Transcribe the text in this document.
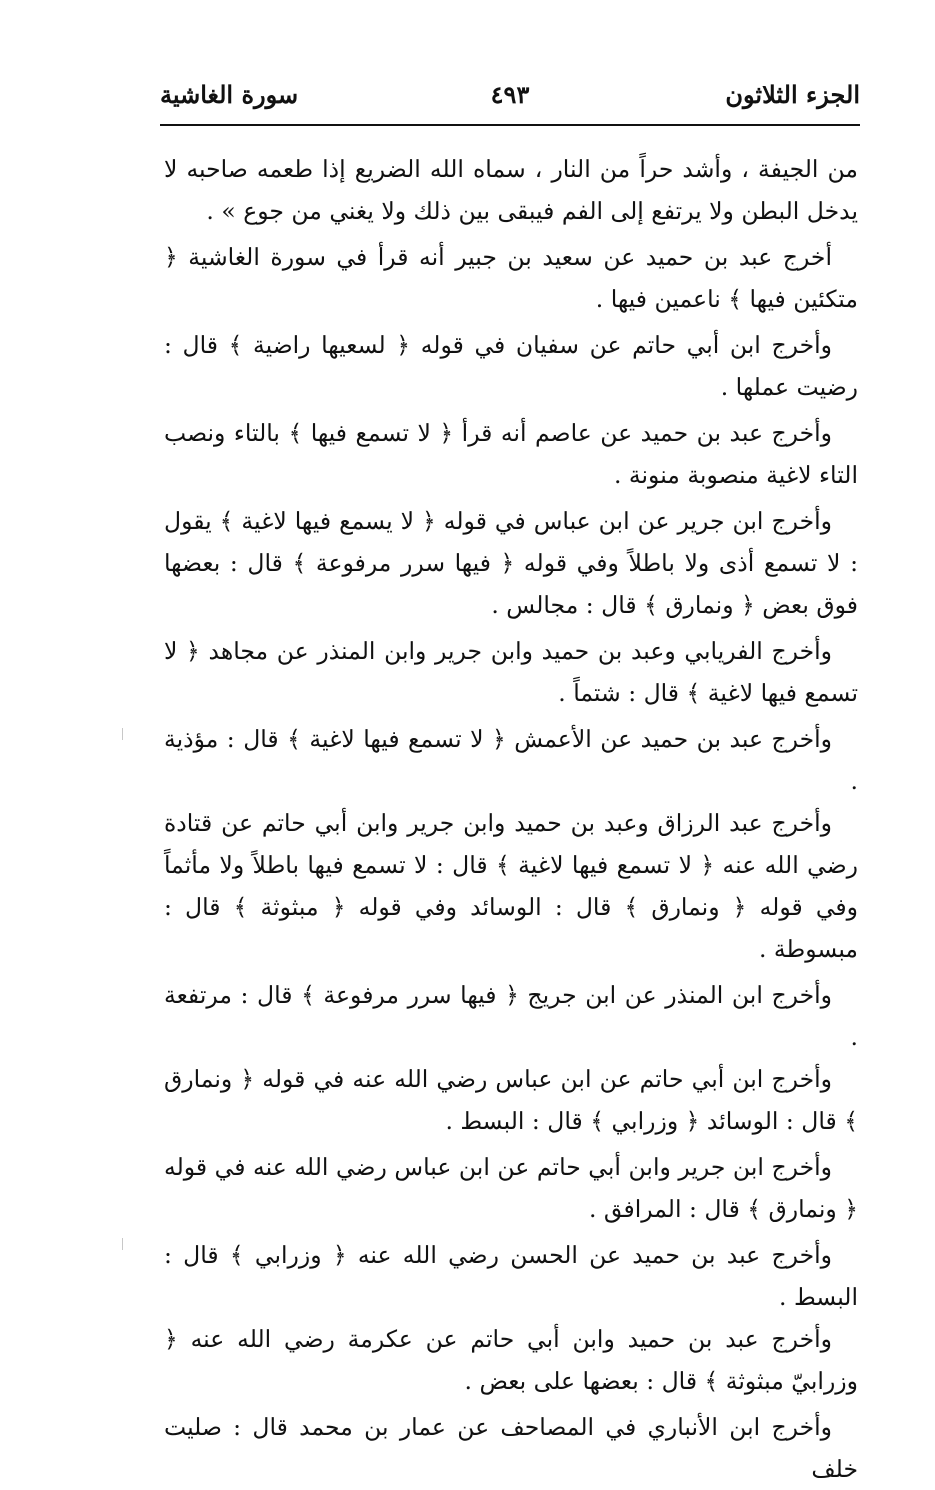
الجزء الثلاثون
٤٩٣
سورة الغاشية

من الجيفة ، وأشد حراً من النار ، سماه الله الضريع إذا طعمه صاحبه لا يدخل البطن ولا يرتفع إلى الفم فيبقى بين ذلك ولا يغني من جوع » .

أخرج عبد بن حميد عن سعيد بن جبير أنه قرأ في سورة الغاشية ﴿ متكئين فيها ﴾ ناعمين فيها .

وأخرج ابن أبي حاتم عن سفيان في قوله ﴿ لسعيها راضية ﴾ قال : رضيت عملها .

وأخرج عبد بن حميد عن عاصم أنه قرأ ﴿ لا تسمع فيها ﴾ بالتاء ونصب التاء لاغية منصوبة منونة .

وأخرج ابن جرير عن ابن عباس في قوله ﴿ لا يسمع فيها لاغية ﴾ يقول : لا تسمع أذى ولا باطلاً وفي قوله ﴿ فيها سرر مرفوعة ﴾ قال : بعضها فوق بعض ﴿ ونمارق ﴾ قال : مجالس .

وأخرج الفريابي وعبد بن حميد وابن جرير وابن المنذر عن مجاهد ﴿ لا تسمع فيها لاغية ﴾ قال : شتماً .

وأخرج عبد بن حميد عن الأعمش ﴿ لا تسمع فيها لاغية ﴾ قال : مؤذية .

وأخرج عبد الرزاق وعبد بن حميد وابن جرير وابن أبي حاتم عن قتادة رضي الله عنه ﴿ لا تسمع فيها لاغية ﴾ قال : لا تسمع فيها باطلاً ولا مأثماً وفي قوله ﴿ ونمارق ﴾ قال : الوسائد وفي قوله ﴿ مبثوثة ﴾ قال : مبسوطة .

وأخرج ابن المنذر عن ابن جريج ﴿ فيها سرر مرفوعة ﴾ قال : مرتفعة .

وأخرج ابن أبي حاتم عن ابن عباس رضي الله عنه في قوله ﴿ ونمارق ﴾ قال : الوسائد ﴿ وزرابي ﴾ قال : البسط .

وأخرج ابن جرير وابن أبي حاتم عن ابن عباس رضي الله عنه في قوله ﴿ ونمارق ﴾ قال : المرافق .

وأخرج عبد بن حميد عن الحسن رضي الله عنه ﴿ وزرابي ﴾ قال : البسط .

وأخرج عبد بن حميد وابن أبي حاتم عن عكرمة رضي الله عنه ﴿ وزرابيّ مبثوثة ﴾ قال : بعضها على بعض .

وأخرج ابن الأنباري في المصاحف عن عمار بن محمد قال : صليت خلف
